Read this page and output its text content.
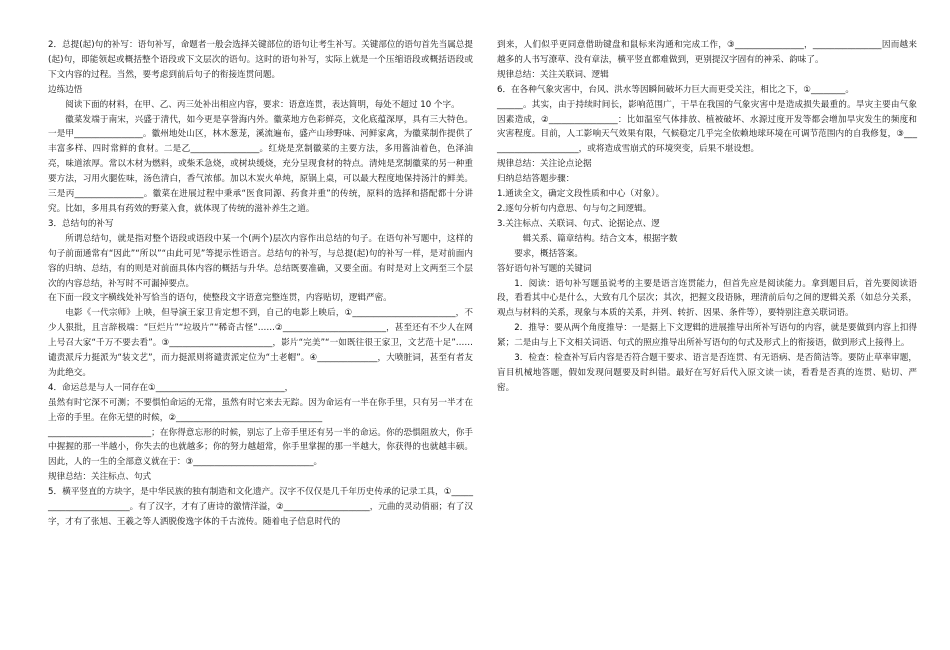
2．总提(起)句的补写：语句补写，命题者一般会选择关键部位的语句让考生补写。关键部位的语句首先当属总提(起)句，即能领起或概括整个语段或下文层次的语句。这时的语句补写，实际上就是一个压缩语段或概括语段或下文内容的过程。当然，要考虑到前后句子的衔接连贯问题。

边练边悟

阅读下面的材料，在甲、乙、丙三处补出相应内容，要求：语意连贯，表达简明，每处不超过 10 个字。

徽菜发端于南宋，兴盛于清代，如今更是享誉海内外。徽菜地方色彩鲜亮，文化底蕴深厚，具有三大特色。一是甲________________。徽州地处山区，林木葱茏，溪流遍布，盛产山珍野味、河鲜家禽，为徽菜制作提供了丰富多样、四时常鲜的食材。二是乙________________。红烧是烹制徽菜的主要方法，多用酱油着色，色泽油亮，味道浓厚。常以木材为燃料，或柴禾急烧，或树块缓烧，充分呈现食材的特点。清炖是烹制徽菜的另一种重要方法，习用火腿佐味，汤色清白，香气浓郁。加以木炭火单炖，原锅上桌，可以最大程度地保持汤汁的鲜美。三是丙________________。徽菜在进展过程中秉承“医食同源、药食并重”的传统，原料的选择和搭配都十分讲究。比如，多用具有药效的野菜入食，就体现了传统的滋补养生之道。

3．总结句的补写

所谓总结句，就是指对整个语段或语段中某一个(两个)层次内容作出总结的句子。在语句补写题中，这样的句子前面通常有“因此”“所以”“由此可见”等提示性语言。总结句的补写，与总提(起)句的补写一样，是对前面内容的归纳、总结，有的则是对前面具体内容的概括与升华。总结既要准确，又要全面。有时是对上文两至三个层次的内容总结，补写时不可漏掉要点。

在下面一段文字横线处补写恰当的语句，使整段文字语意完整连贯，内容贴切，逻辑严密。

电影《一代宗师》上映，但导演王家卫肯定想不到，自己的电影上映后，①________________________，不少人狠批，且言辞极端：“巨烂片”“垃圾片”“稀奇古怪”……②________________________，甚至还有不少人在网上号召大家“千万不要去看”。③________________________，影片“完美”“一如既往很王家卫，文艺范十足”……谴责派斥力挺派为“装文艺”，而力挺派则将谴责派定位为“土老帽”。④______________，大喷脏词，甚至有者友为此绝交。

4．命运总是与人一同存在①______________________________，

虽然有时它深不可测；不要惧怕命运的无常，虽然有时它来去无踪。因为命运有一半在你手里，只有另一半才在上帝的手里。在你无望的时候，②__________________________________

________________________；在你得意忘形的时候，别忘了上帝手里还有另一半的命运。你的恐惧阻放大，你手中握握的那一半越小，你失去的也就越多；你的努力越超常，你手里掌握的那一半越大，你获得的也就越丰硕。因此，人的一生的全部意义就在于：③____________________________。

规律总结：关注标点、句式

5．横平竖直的方块字，是中华民族的独有制造和文化遗产。汉字不仅仅是几千年历史传承的记录工具，①________________________。有了汉字，才有了唐诗的激情洋溢，②____________________，元曲的灵动俏丽；有了汉字，才有了张旭、王羲之等人洒脱俊逸字体的千古流传。随着电子信息时代的

到来，人们似乎更同意借助键盘和鼠标来沟通和完成工作，③________________，________________因而越来越多的人书写潦草、没有章法，横平竖直都难做到，更别提汉字固有的神采、韵味了。

规律总结：关注关联词、逻辑

6．在各种气象灾害中，台风、洪水等因瞬间破坏力巨大而更受关注，相比之下，①________。

______。其实，由于持续时间长，影响范围广，干旱在我国的气象灾害中是造成损失最重的。旱灾主要由气象因素造成，②________________：比如温室气体排放、植被破坏、水源过度开发等都会增加旱灾发生的频度和灾害程度。目前，人工影响天气效果有限，气候稳定几乎完全依赖地球环境在可调节范围内的自我修复，③______________________，或将造成雪崩式的环境突变，后果不堪设想。

规律总结：关注论点论据

归纳总结答题步骤：

1.通读全文，确定文段性质和中心（对象）。

2.逐句分析句内意思、句与句之间逻辑。

3.关注标点、关联词、句式、论据论点、逻

辑关系、篇章结构。结合文本，根据字数

要求，概括答案。

答好语句补写题的关键词

1．阅读：语句补写题虽说考的主要是语言连贯能力，但首先应是阅读能力。拿到题目后，首先要阅读语段，看看其中心是什么，大致有几个层次；其次，把握文段语脉，理清前后句之间的逻辑关系（如总分关系，观点与材料的关系，现象与本质的关系，并列、转折、因果、条件等），要特别注意关联词语。

2．推导：要从两个角度推导：一是据上下文逻辑的进展推导出所补写语句的内容，就是要做到内容上扣得紧；二是由与上下文相关词语、句式的照应推导出所补写语句的句式及形式上的衔接语，做到形式上接得上。

3．检查：检查补写后内容是否符合题干要求、语言是否连贯、有无语病、是否简洁等。要防止草率审题，盲目机械地答题，假如发现问题要及时纠错。最好在写好后代入原文读一读，看看是否真的连贯、贴切、严密。
